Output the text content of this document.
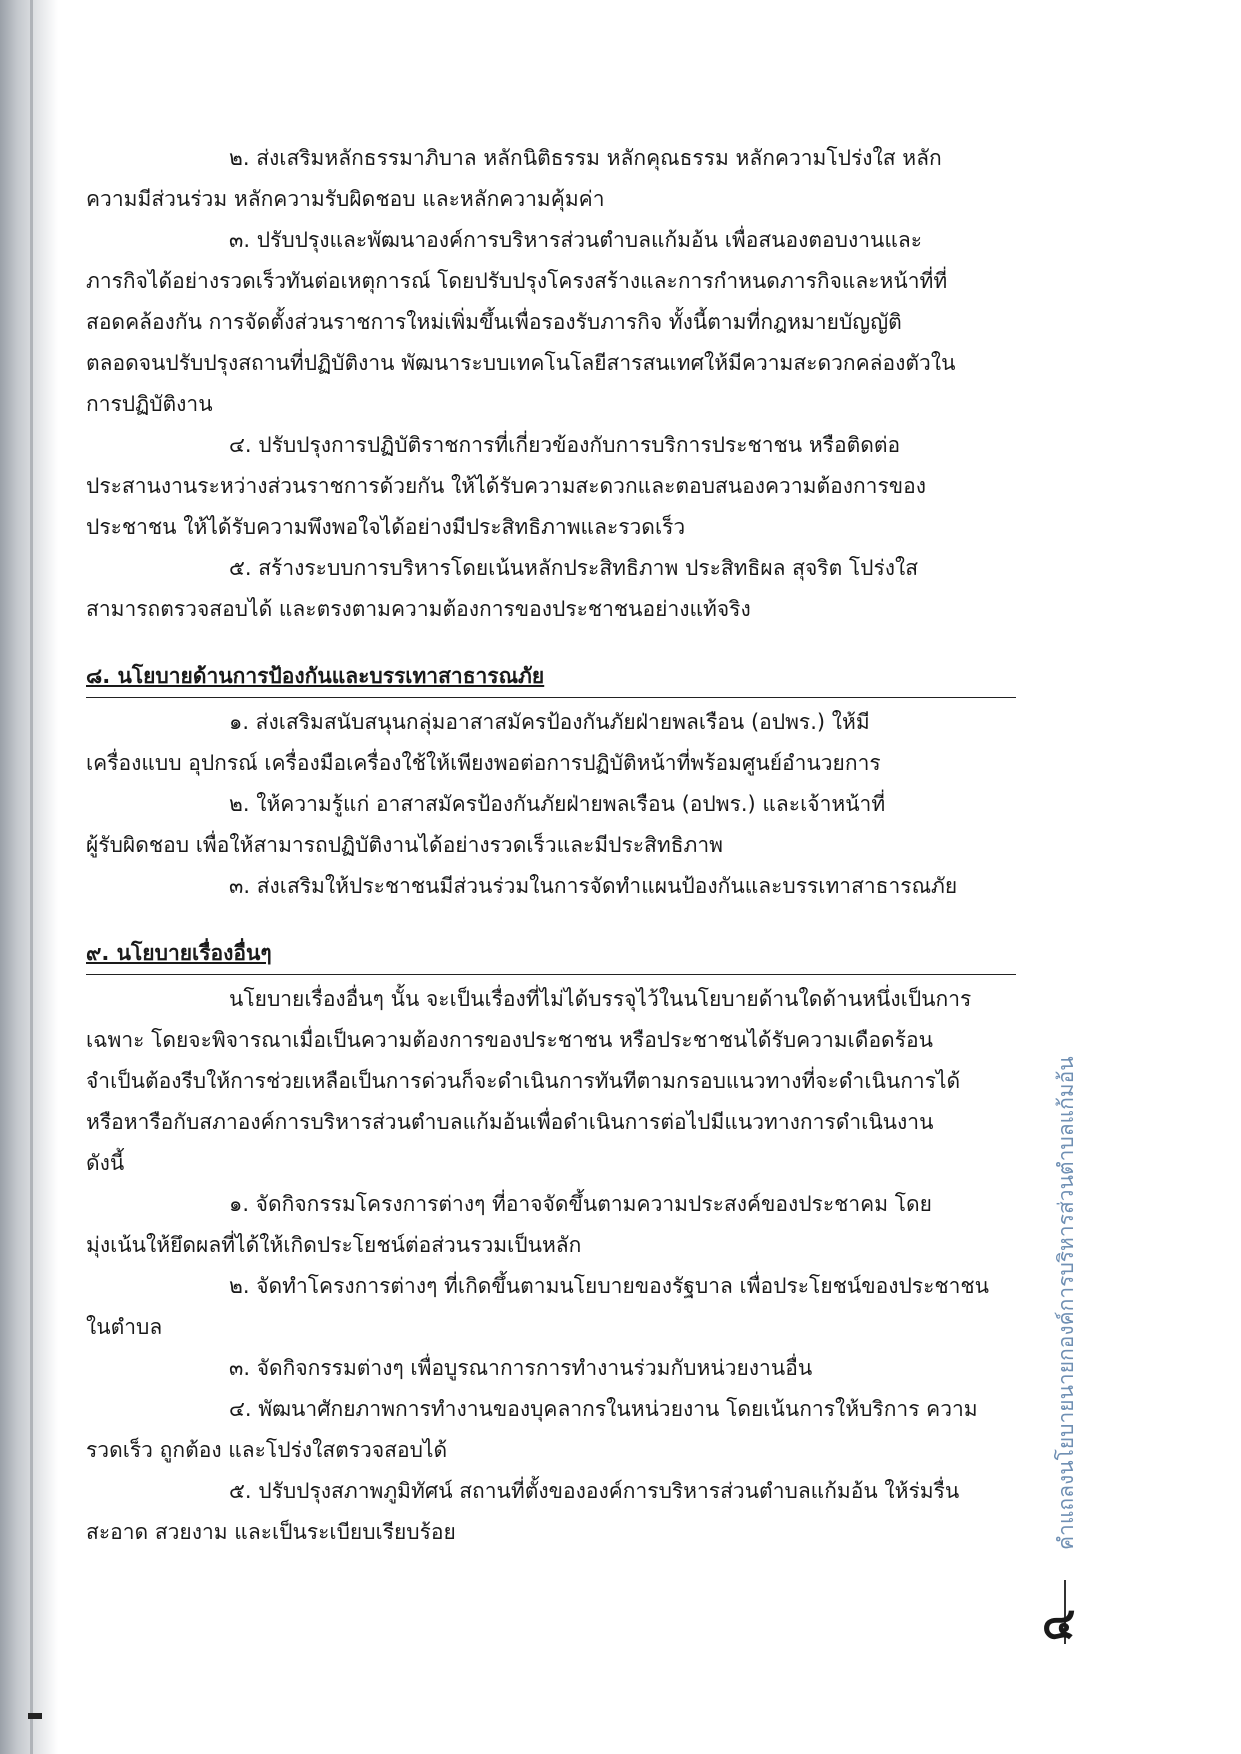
๒. ส่งเสริมหลักธรรมาภิบาล หลักนิติธรรม หลักคุณธรรม หลักความโปร่งใส หลัก
ความมีส่วนร่วม หลักความรับผิดชอบ และหลักความคุ้มค่า

๓. ปรับปรุงและพัฒนาองค์การบริหารส่วนตำบลแก้มอ้น เพื่อสนองตอบงานและ
ภารกิจได้อย่างรวดเร็วทันต่อเหตุการณ์ โดยปรับปรุงโครงสร้างและการกำหนดภารกิจและหน้าที่ที่
สอดคล้องกัน การจัดตั้งส่วนราชการใหม่เพิ่มขึ้นเพื่อรองรับภารกิจ ทั้งนี้ตามที่กฎหมายบัญญัติ
ตลอดจนปรับปรุงสถานที่ปฏิบัติงาน พัฒนาระบบเทคโนโลยีสารสนเทศให้มีความสะดวกคล่องตัวใน
การปฏิบัติงาน

๔. ปรับปรุงการปฏิบัติราชการที่เกี่ยวข้องกับการบริการประชาชน หรือติดต่อ
ประสานงานระหว่างส่วนราชการด้วยกัน ให้ได้รับความสะดวกและตอบสนองความต้องการของ
ประชาชน ให้ได้รับความพึงพอใจได้อย่างมีประสิทธิภาพและรวดเร็ว

๕. สร้างระบบการบริหารโดยเน้นหลักประสิทธิภาพ ประสิทธิผล สุจริต โปร่งใส
สามารถตรวจสอบได้ และตรงตามความต้องการของประชาชนอย่างแท้จริง

๘. นโยบายด้านการป้องกันและบรรเทาสาธารณภัย

๑. ส่งเสริมสนับสนุนกลุ่มอาสาสมัครป้องกันภัยฝ่ายพลเรือน (อปพร.) ให้มี
เครื่องแบบ อุปกรณ์ เครื่องมือเครื่องใช้ให้เพียงพอต่อการปฏิบัติหน้าที่พร้อมศูนย์อำนวยการ

๒. ให้ความรู้แก่ อาสาสมัครป้องกันภัยฝ่ายพลเรือน (อปพร.) และเจ้าหน้าที่
ผู้รับผิดชอบ เพื่อให้สามารถปฏิบัติงานได้อย่างรวดเร็วและมีประสิทธิภาพ

๓. ส่งเสริมให้ประชาชนมีส่วนร่วมในการจัดทำแผนป้องกันและบรรเทาสาธารณภัย

๙. นโยบายเรื่องอื่นๆ

นโยบายเรื่องอื่นๆ นั้น จะเป็นเรื่องที่ไม่ได้บรรจุไว้ในนโยบายด้านใดด้านหนึ่งเป็นการ
เฉพาะ โดยจะพิจารณาเมื่อเป็นความต้องการของประชาชน หรือประชาชนได้รับความเดือดร้อน
จำเป็นต้องรีบให้การช่วยเหลือเป็นการด่วนก็จะดำเนินการทันทีตามกรอบแนวทางที่จะดำเนินการได้
หรือหารือกับสภาองค์การบริหารส่วนตำบลแก้มอ้นเพื่อดำเนินการต่อไปมีแนวทางการดำเนินงาน
ดังนี้

๑. จัดกิจกรรมโครงการต่างๆ ที่อาจจัดขึ้นตามความประสงค์ของประชาคม โดย
มุ่งเน้นให้ยึดผลที่ได้ให้เกิดประโยชน์ต่อส่วนรวมเป็นหลัก

๒. จัดทำโครงการต่างๆ ที่เกิดขึ้นตามนโยบายของรัฐบาล เพื่อประโยชน์ของประชาชน
ในตำบล

๓. จัดกิจกรรมต่างๆ เพื่อบูรณาการการทำงานร่วมกับหน่วยงานอื่น

๔. พัฒนาศักยภาพการทำงานของบุคลากรในหน่วยงาน โดยเน้นการให้บริการ ความ
รวดเร็ว ถูกต้อง และโปร่งใสตรวจสอบได้

๕. ปรับปรุงสภาพภูมิทัศน์ สถานที่ตั้งขององค์การบริหารส่วนตำบลแก้มอ้น ให้ร่มรื่น
สะอาด สวยงาม และเป็นระเบียบเรียบร้อย	คำแถลงนโยบายนายกองค์การบริหารส่วนตำบลแก้มอ้น
๔
